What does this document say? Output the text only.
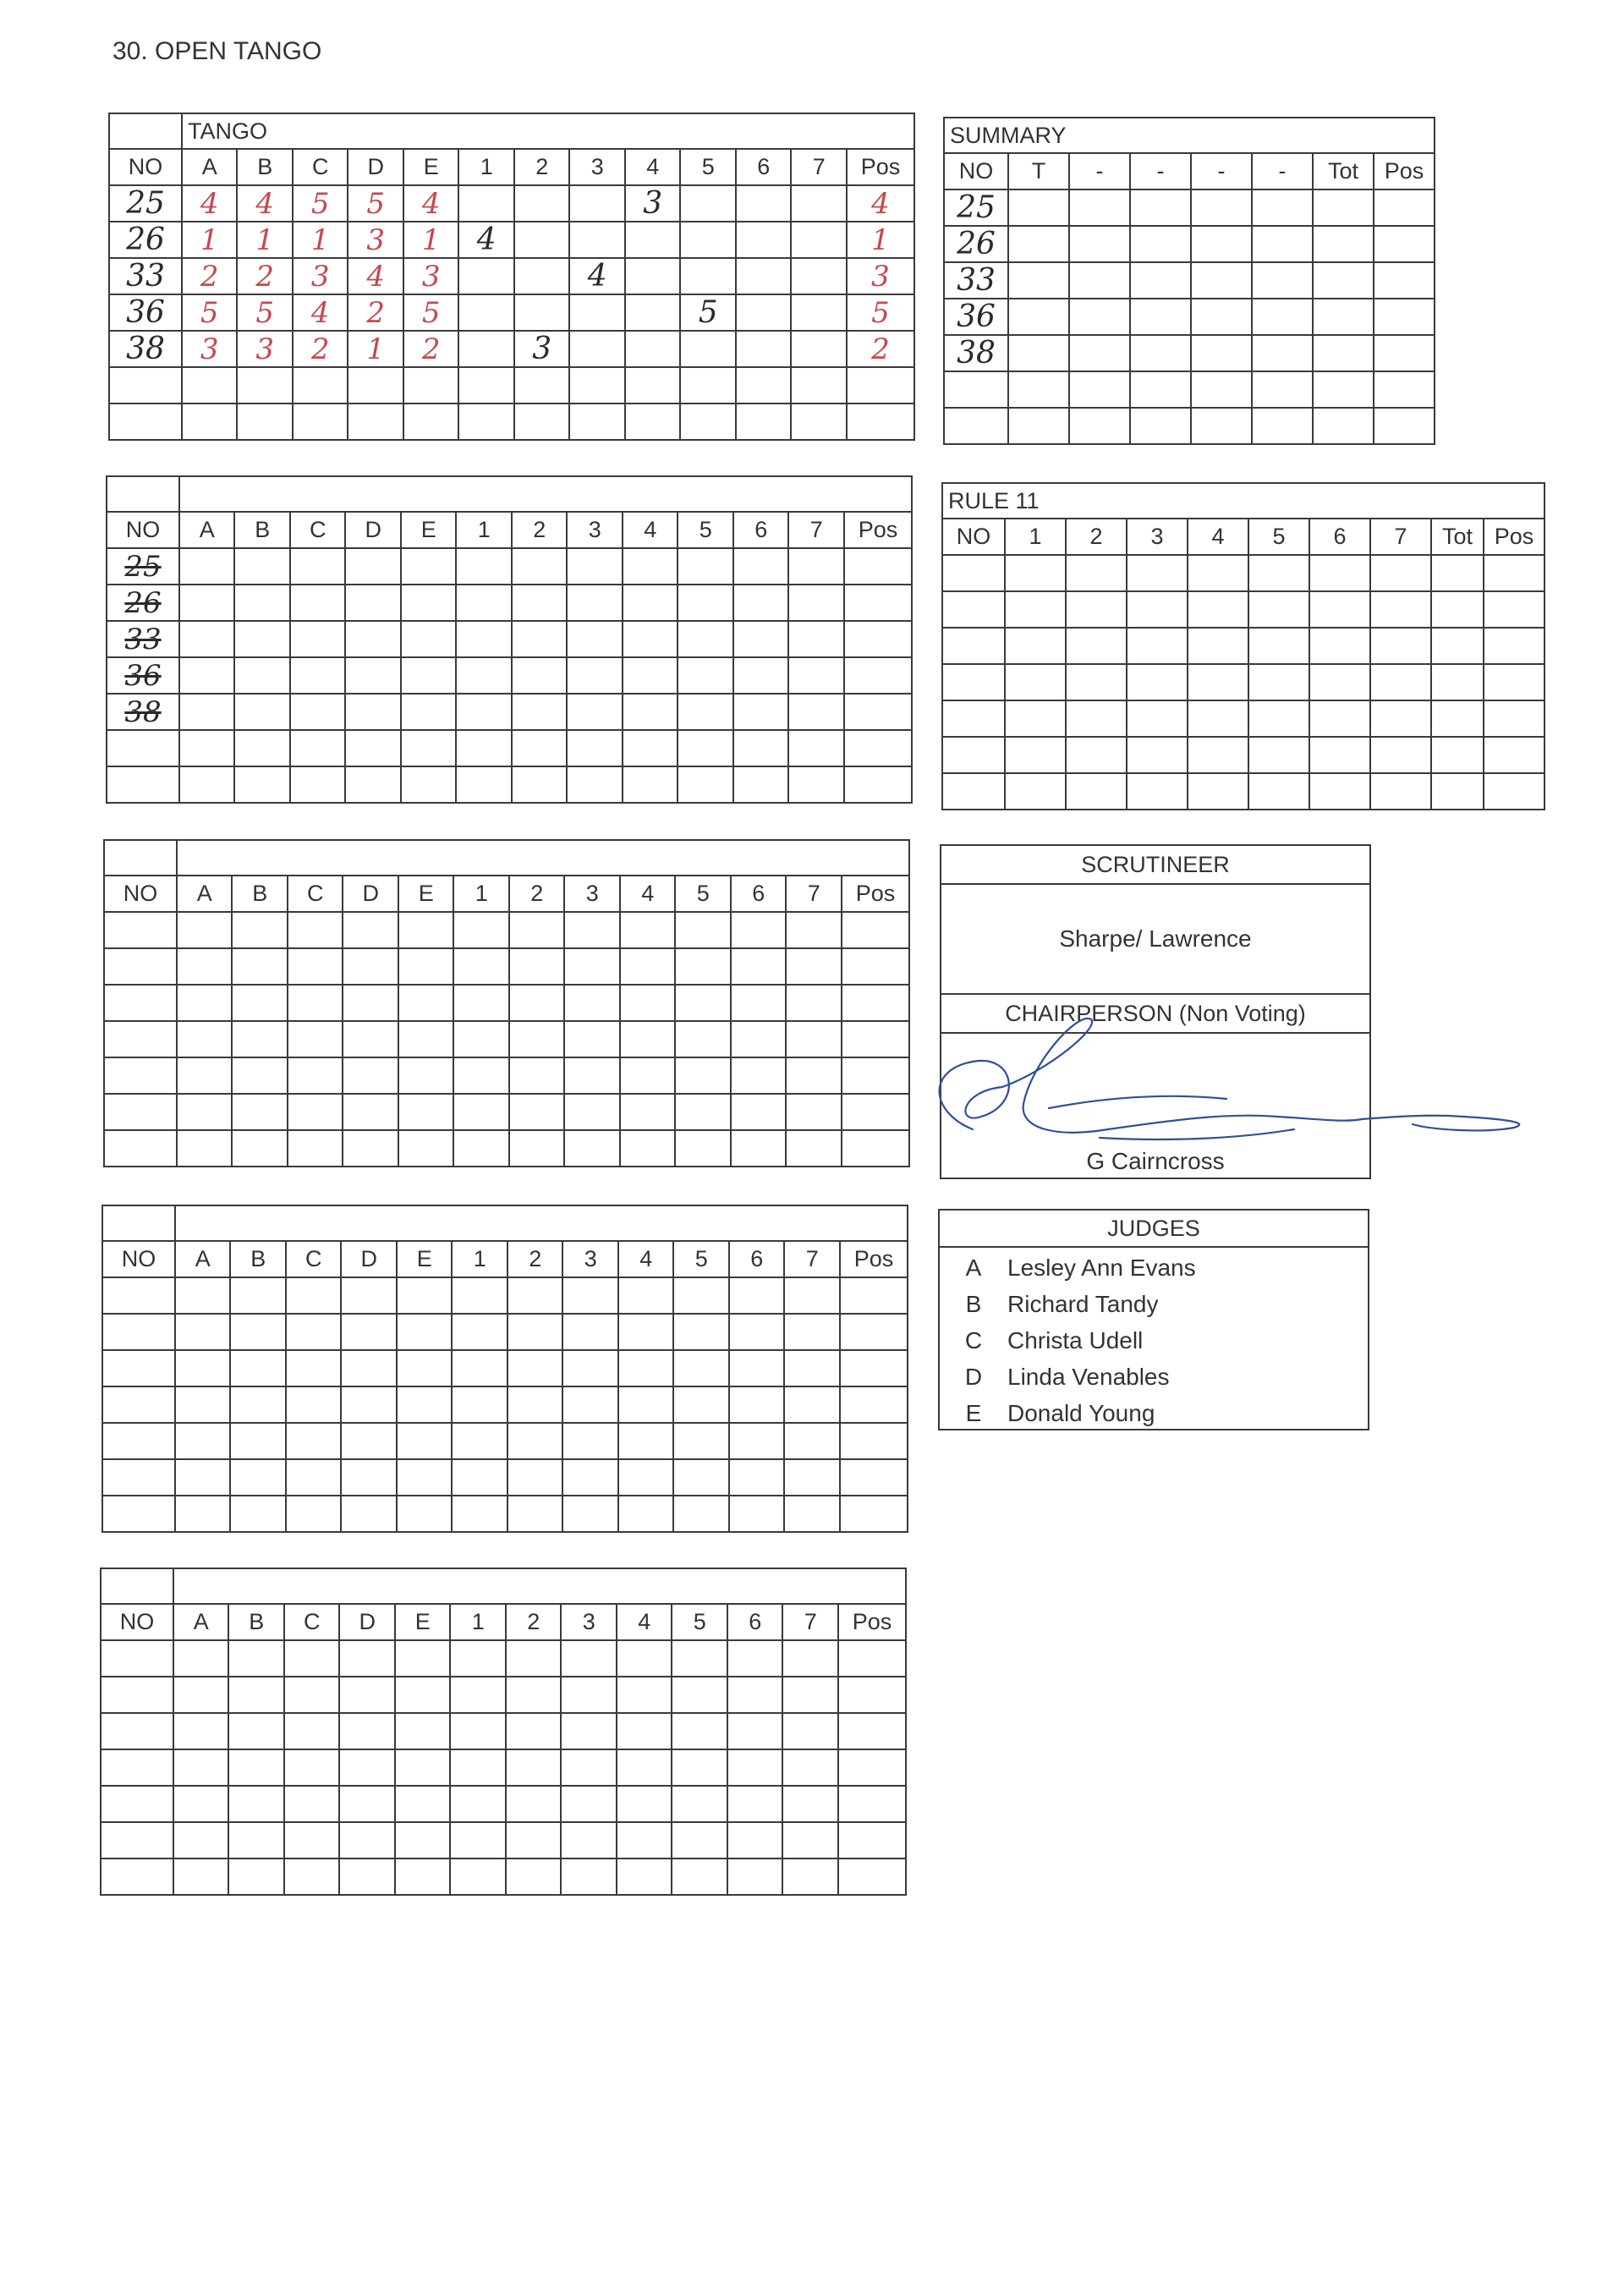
30. OPEN TANGO
	TANGO												
NO	A	B	C	D	E	1	2	3	4	5	6	7	Pos
25	4	4	5	5	4				3				4
26	1	1	1	3	1	4							1
33	2	2	3	4	3			4					3
36	5	5	4	2	5					5			5
38	3	3	2	1	2		3						2

NO	A	B	C	D	E	1	2	3	4	5	6	7	Pos
25													
26													
33													
36													
38													

NO	A	B	C	D	E	1	2	3	4	5	6	7	Pos

NO	A	B	C	D	E	1	2	3	4	5	6	7	Pos

NO	A	B	C	D	E	1	2	3	4	5	6	7	Pos

SUMMARY							
NO	T	-	-	-	-	Tot	Pos
25							
26							
33							
36							
38							

RULE 11									
NO	1	2	3	4	5	6	7	Tot	Pos

SCRUTINEER
Sharpe/ Lawrence
CHAIRPERSON (Non Voting)
G Cairncross
JUDGES
A	Lesley Ann Evans
B	Richard Tandy
C	Christa Udell
D	Linda Venables
E	Donald Young
